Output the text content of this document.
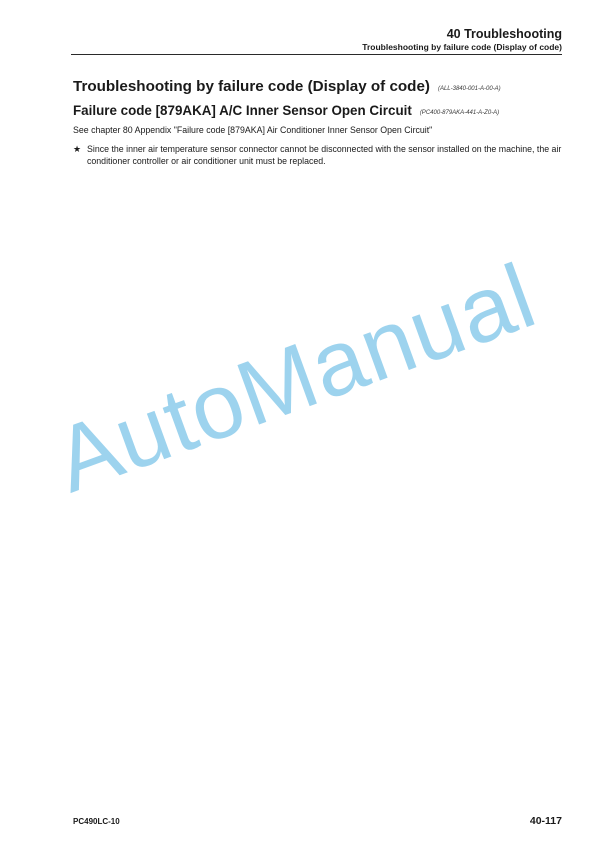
40 Troubleshooting
Troubleshooting by failure code (Display of code)
Troubleshooting by failure code (Display of code) (ALL-3840-001-A-00-A)
Failure code [879AKA] A/C Inner Sensor Open Circuit (PC400-879AKA-441-A-Z0-A)
See chapter 80 Appendix "Failure code [879AKA] Air Conditioner Inner Sensor Open Circuit"
★ Since the inner air temperature sensor connector cannot be disconnected with the sensor installed on the machine, the air conditioner controller or air conditioner unit must be replaced.
AutoManual
PC490LC-10	40-117
